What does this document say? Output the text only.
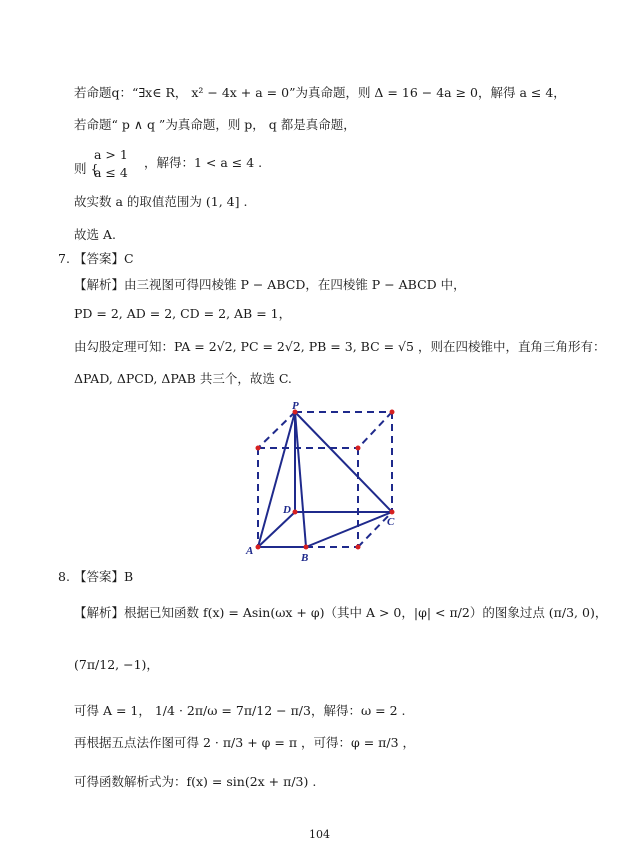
若命题q：“∃x∈ R， x² − 4x + a = 0”为真命题，则 Δ = 16 − 4a ≥ 0，解得 a ≤ 4，
若命题“ p ∧ q ”为真命题，则 p， q 都是真命题，
则 {
a > 1
a ≤ 4
，解得：1 < a ≤ 4 .
故实数 a 的取值范围为 (1, 4] .
故选 A.
7. 【答案】C
【解析】由三视图可得四棱锥 P − ABCD，在四棱锥 P − ABCD 中，
PD = 2, AD = 2, CD = 2, AB = 1，
由勾股定理可知：PA = 2√2, PC = 2√2, PB = 3, BC = √5 ，则在四棱锥中，直角三角形有：
ΔPAD, ΔPCD, ΔPAB 共三个，故选 C.
P
D
C
A
B
8. 【答案】B
【解析】根据已知函数 f(x) = Asin(ωx + φ)（其中 A > 0，|φ| < π/2）的图象过点 (π/3, 0)，
(7π/12, −1)，
可得 A = 1， 1/4 · 2π/ω = 7π/12 − π/3，解得：ω = 2 .
再根据五点法作图可得 2 · π/3 + φ = π ，可得：φ = π/3 ，
可得函数解析式为：f(x) = sin(2x + π/3) .
104
